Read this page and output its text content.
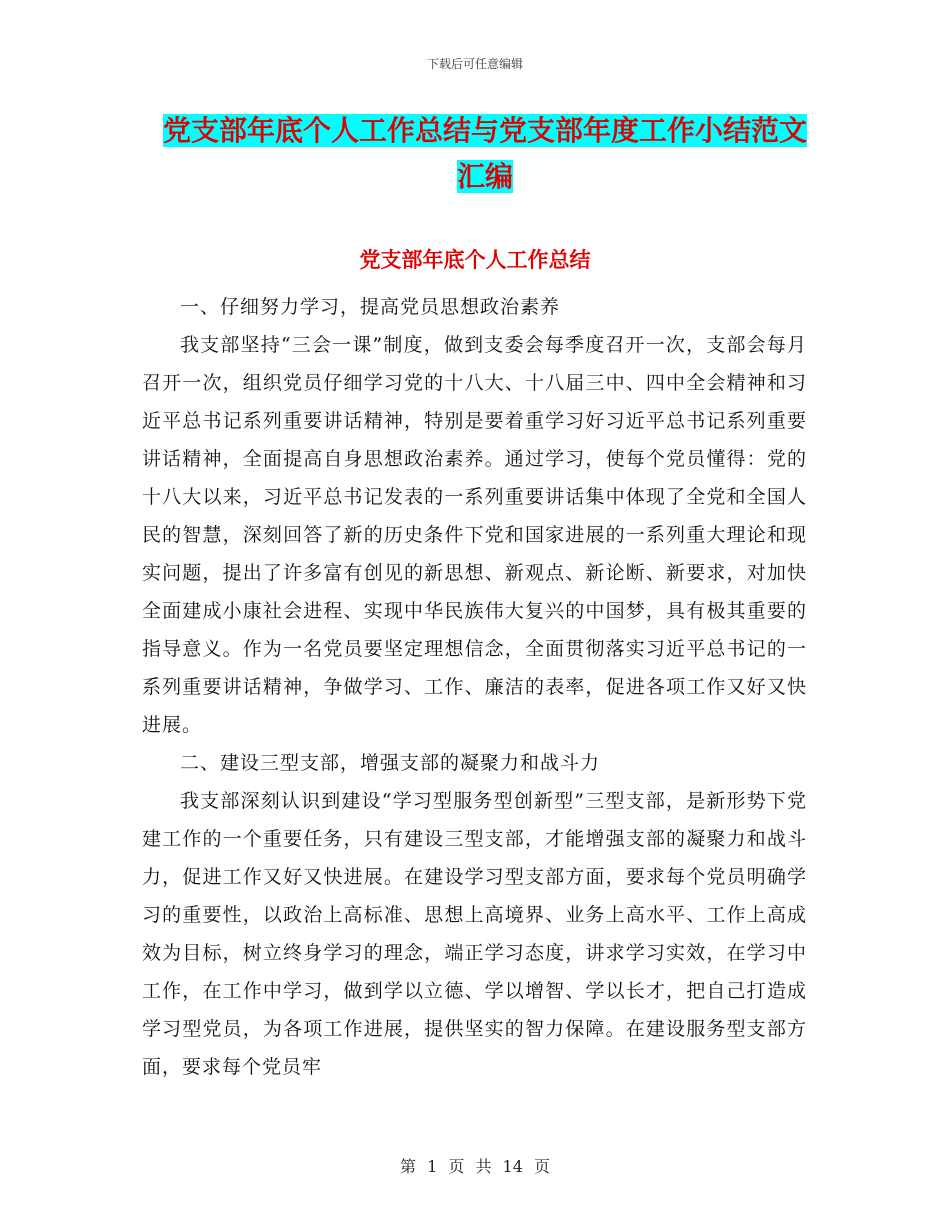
下载后可任意编辑
党支部年底个人工作总结与党支部年度工作小结范文
汇编
党支部年底个人工作总结

一、仔细努力学习，提高党员思想政治素养

我支部坚持“三会一课”制度，做到支委会每季度召开一次，支部会每月召开一次，组织党员仔细学习党的十八大、十八届三中、四中全会精神和习近平总书记系列重要讲话精神，特别是要着重学习好习近平总书记系列重要讲话精神，全面提高自身思想政治素养。通过学习，使每个党员懂得：党的十八大以来，习近平总书记发表的一系列重要讲话集中体现了全党和全国人民的智慧，深刻回答了新的历史条件下党和国家进展的一系列重大理论和现实问题，提出了许多富有创见的新思想、新观点、新论断、新要求，对加快全面建成小康社会进程、实现中华民族伟大复兴的中国梦，具有极其重要的指导意义。作为一名党员要坚定理想信念，全面贯彻落实习近平总书记的一系列重要讲话精神，争做学习、工作、廉洁的表率，促进各项工作又好又快进展。

二、建设三型支部，增强支部的凝聚力和战斗力

我支部深刻认识到建设“学习型服务型创新型”三型支部，是新形势下党建工作的一个重要任务，只有建设三型支部，才能增强支部的凝聚力和战斗力，促进工作又好又快进展。在建设学习型支部方面，要求每个党员明确学习的重要性，以政治上高标准、思想上高境界、业务上高水平、工作上高成效为目标，树立终身学习的理念，端正学习态度，讲求学习实效，在学习中工作，在工作中学习，做到学以立德、学以增智、学以长才，把自己打造成学习型党员，为各项工作进展，提供坚实的智力保障。在建设服务型支部方面，要求每个党员牢

第 1 页 共 14 页
